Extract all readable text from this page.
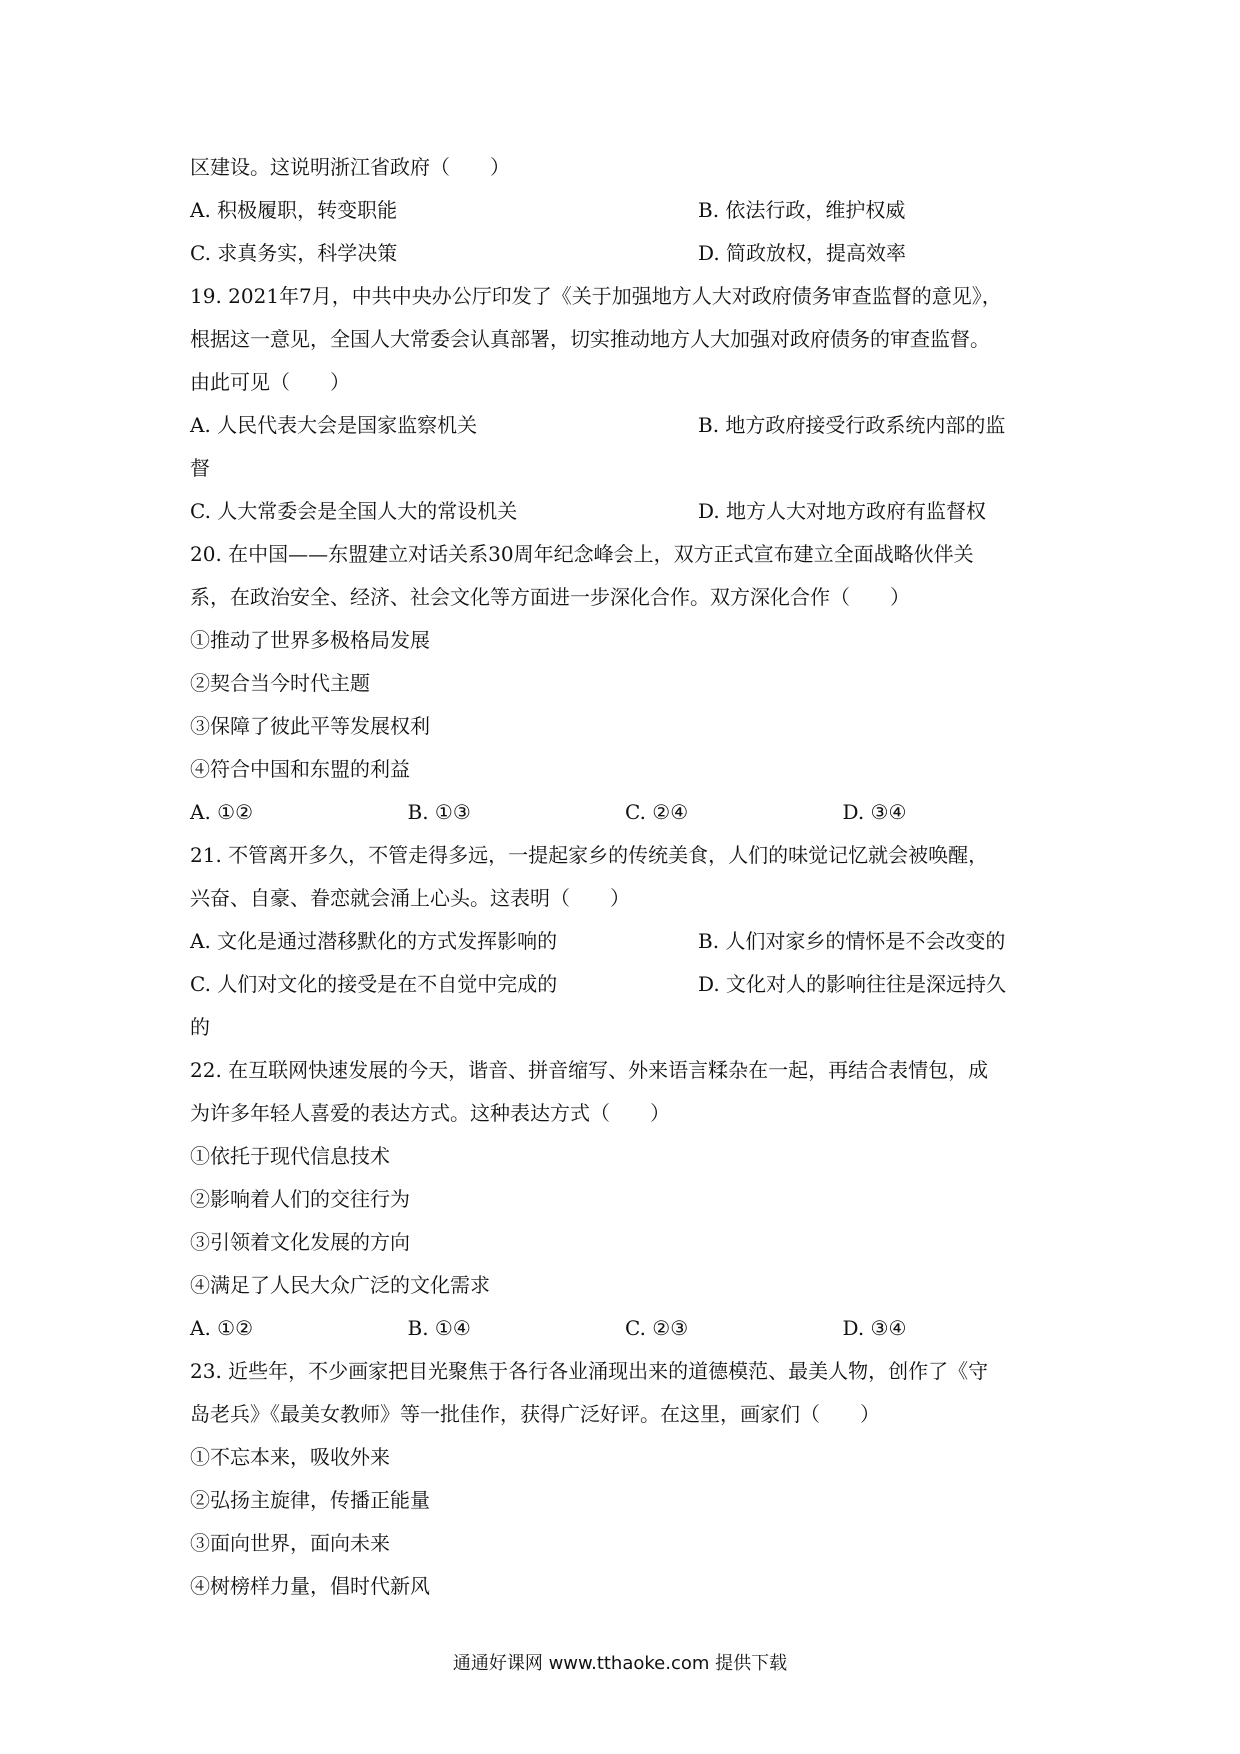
区建设。这说明浙江省政府（　　）
A. 积极履职，转变职能	B. 依法行政，维护权威
C. 求真务实，科学决策	D. 简政放权，提高效率
19. 2021年7月，中共中央办公厅印发了《关于加强地方人大对政府债务审查监督的意见》，
根据这一意见，全国人大常委会认真部署，切实推动地方人大加强对政府债务的审查监督。
由此可见（　　）
A. 人民代表大会是国家监察机关	B. 地方政府接受行政系统内部的监
督
C. 人大常委会是全国人大的常设机关	D. 地方人大对地方政府有监督权
20. 在中国——东盟建立对话关系30周年纪念峰会上，双方正式宣布建立全面战略伙伴关
系，在政治安全、经济、社会文化等方面进一步深化合作。双方深化合作（　　）
①推动了世界多极格局发展
②契合当今时代主题
③保障了彼此平等发展权利
④符合中国和东盟的利益
A. ①②	B. ①③	C. ②④	D. ③④
21. 不管离开多久，不管走得多远，一提起家乡的传统美食，人们的味觉记忆就会被唤醒，
兴奋、自豪、眷恋就会涌上心头。这表明（　　）
A. 文化是通过潜移默化的方式发挥影响的	B. 人们对家乡的情怀是不会改变的
C. 人们对文化的接受是在不自觉中完成的	D. 文化对人的影响往往是深远持久
的
22. 在互联网快速发展的今天，谐音、拼音缩写、外来语言糅杂在一起，再结合表情包，成
为许多年轻人喜爱的表达方式。这种表达方式（　　）
①依托于现代信息技术
②影响着人们的交往行为
③引领着文化发展的方向
④满足了人民大众广泛的文化需求
A. ①②	B. ①④	C. ②③	D. ③④
23. 近些年，不少画家把目光聚焦于各行各业涌现出来的道德模范、最美人物，创作了《守
岛老兵》《最美女教师》等一批佳作，获得广泛好评。在这里，画家们（　　）
①不忘本来，吸收外来
②弘扬主旋律，传播正能量
③面向世界，面向未来
④树榜样力量，倡时代新风
通通好课网 www.tthaoke.com 提供下载
